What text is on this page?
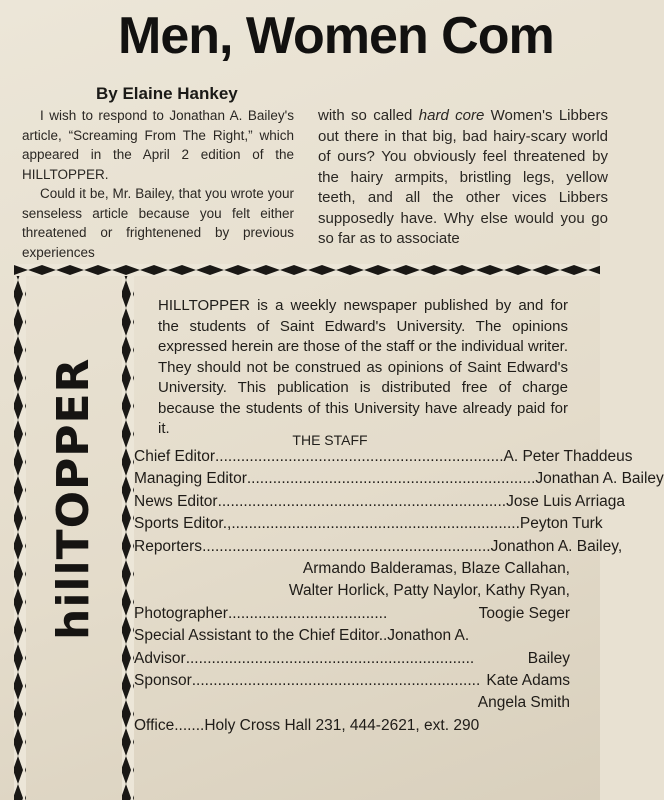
Men, Women Com
By Elaine Hankey

I wish to respond to Jonathan A. Bailey's article, “Screaming From The Right,” which appeared in the April 2 edition of the HILLTOPPER.

Could it be, Mr. Bailey, that you wrote your senseless article because you felt either threatened or frightenened by previous experiences

with so called hard core Women's Libbers out there in that big, bad hairy-scary world of ours? You obviously feel threatened by the hairy armpits, bristling legs, yellow teeth, and all the other vices Libbers supposedly have. Why else would you go so far as to associate

hillTOPPER
HILLTOPPER is a weekly newspaper published by and for the students of Saint Edward's University. The opinions expressed herein are those of the staff or the individual writer. They should not be construed as opinions of Saint Edward's University. This publication is distributed free of charge because the students of this University have already paid for it.
THE STAFF
Chief Editor ................................................................... A. Peter Thaddeus
Managing Editor ................................................................... Jonathan A. Bailey
News Editor ................................................................... Jose Luis Arriaga
Sports Editor., ................................................................... Peyton Turk
Reporters ................................................................... Jonathon A. Bailey,
Armando Balderamas, Blaze Callahan,
Walter Horlick, Patty Naylor, Kathy Ryan,
Photographer .....................................	Toogie Seger
Special Assistant to the Chief Editor..Jonathon A.
Advisor ...................................................................	Bailey
Sponsor ................................................................... Kate Adams
Angela Smith
Office.......Holy Cross Hall 231, 444-2621, ext. 290
